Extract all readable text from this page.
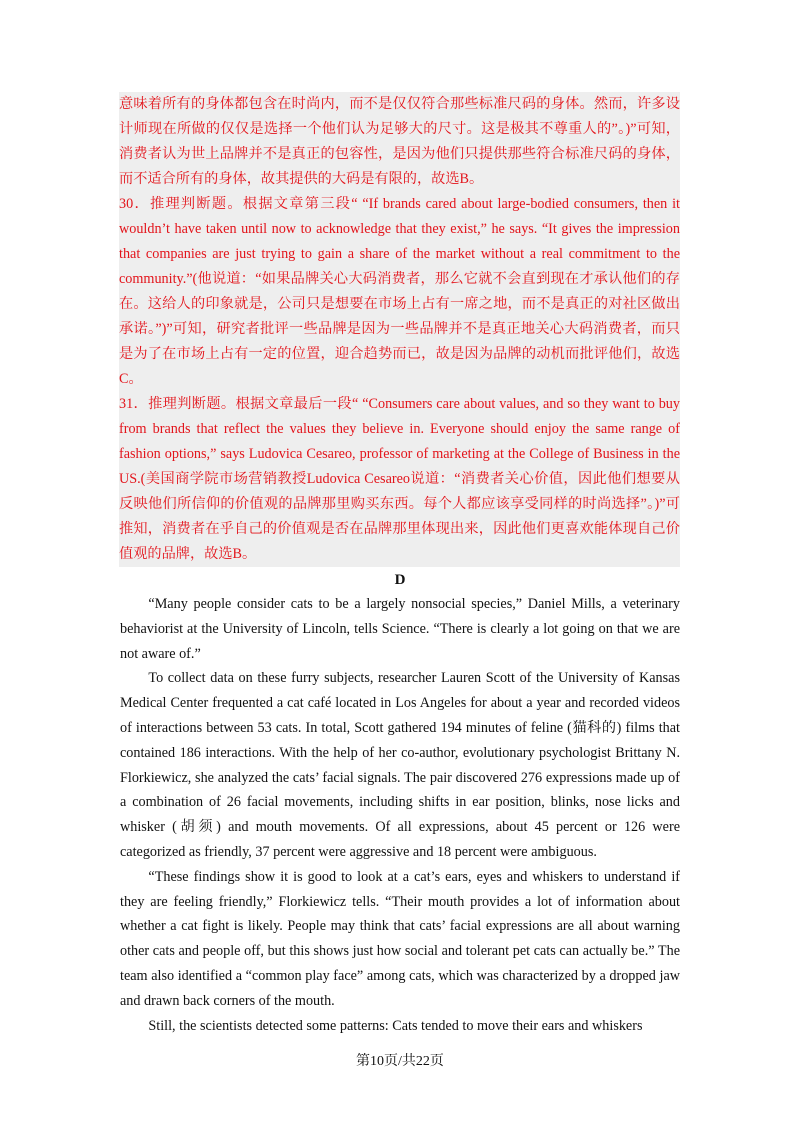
意味着所有的身体都包含在时尚内，而不是仅仅符合那些标准尺码的身体。然而，许多设计师现在所做的仅仅是选择一个他们认为足够大的尺寸。这是极其不尊重人的”。)”可知，消费者认为世上品牌并不是真正的包容性，是因为他们只提供那些符合标准尺码的身体，而不适合所有的身体，故其提供的大码是有限的，故选B。

30．推理判断题。根据文章第三段“ “If brands cared about large-bodied consumers, then it wouldn’t have taken until now to acknowledge that they exist,” he says. “It gives the impression that companies are just trying to gain a share of the market without a real commitment to the community.”(他说道：“如果品牌关心大码消费者，那么它就不会直到现在才承认他们的存在。这给人的印象就是，公司只是想要在市场上占有一席之地，而不是真正的对社区做出承诺。”)”可知，研究者批评一些品牌是因为一些品牌并不是真正地关心大码消费者，而只是为了在市场上占有一定的位置，迎合趋势而已，故是因为品牌的动机而批评他们，故选C。

31．推理判断题。根据文章最后一段“ “Consumers care about values, and so they want to buy from brands that reflect the values they believe in. Everyone should enjoy the same range of fashion options,” says Ludovica Cesareo, professor of marketing at the College of Business in the US.(美国商学院市场营销教授Ludovica Cesareo说道：“消费者关心价值，因此他们想要从反映他们所信仰的价值观的品牌那里购买东西。每个人都应该享受同样的时尚选择”。)”可推知，消费者在乎自己的价值观是否在品牌那里体现出来，因此他们更喜欢能体现自己价值观的品牌，故选B。

D

“Many people consider cats to be a largely nonsocial species,” Daniel Mills, a veterinary behaviorist at the University of Lincoln, tells Science. “There is clearly a lot going on that we are not aware of.”

To collect data on these furry subjects, researcher Lauren Scott of the University of Kansas Medical Center frequented a cat café located in Los Angeles for about a year and recorded videos of interactions between 53 cats. In total, Scott gathered 194 minutes of feline (猫科的) films that contained 186 interactions. With the help of her co-author, evolutionary psychologist Brittany N. Florkiewicz, she analyzed the cats’ facial signals. The pair discovered 276 expressions made up of a combination of 26 facial movements, including shifts in ear position, blinks, nose licks and whisker (胡须) and mouth movements. Of all expressions, about 45 percent or 126 were categorized as friendly, 37 percent were aggressive and 18 percent were ambiguous.

“These findings show it is good to look at a cat’s ears, eyes and whiskers to understand if they are feeling friendly,” Florkiewicz tells. “Their mouth provides a lot of information about whether a cat fight is likely. People may think that cats’ facial expressions are all about warning other cats and people off, but this shows just how social and tolerant pet cats can actually be.” The team also identified a “common play face” among cats, which was characterized by a dropped jaw and drawn back corners of the mouth.

Still, the scientists detected some patterns: Cats tended to move their ears and whiskers

第10页/共22页
